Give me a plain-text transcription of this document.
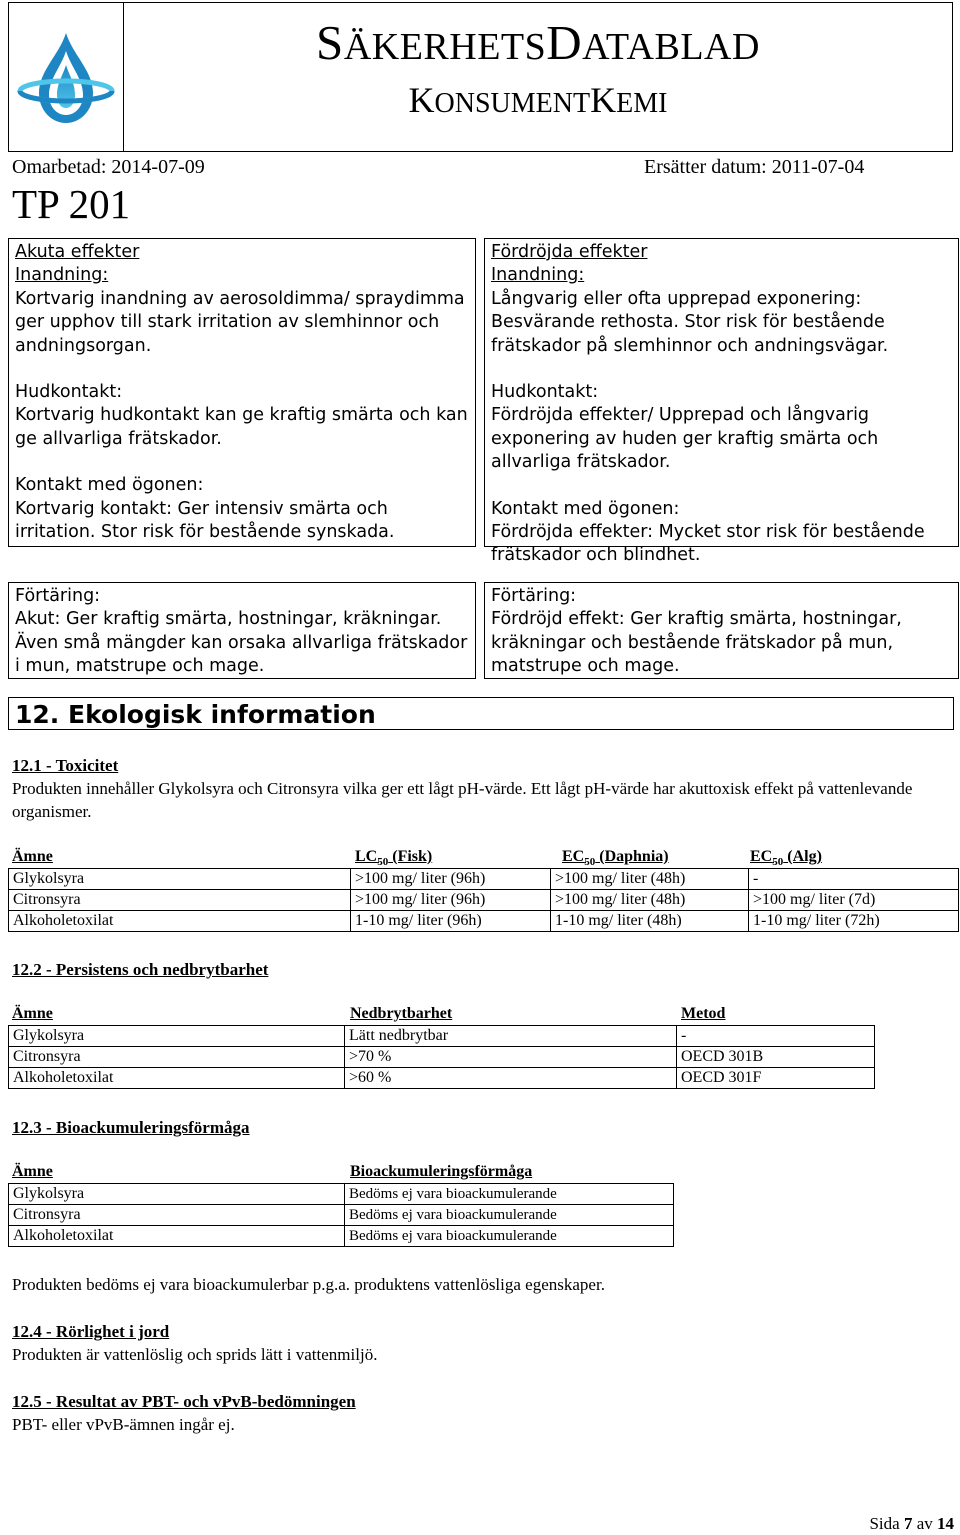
SÄKERHETSDATABLAD
KONSUMENTKEMI
Omarbetad: 2014-07-09	Ersätter datum: 2011-07-04
TP 201

Akuta effekter

Inandning:

Kortvarig inandning av aerosoldimma/ spraydimma ger upphov till stark irritation av slemhinnor och andningsorgan.

Hudkontakt:

Kortvarig hudkontakt kan ge kraftig smärta och kan ge allvarliga frätskador.

Kontakt med ögonen:

Kortvarig kontakt: Ger intensiv smärta och irritation. Stor risk för bestående synskada.

Fördröjda effekter

Inandning:

Långvarig eller ofta upprepad exponering: Besvärande rethosta. Stor risk för bestående frätskador på slemhinnor och andningsvägar.

Hudkontakt:

Fördröjda effekter/ Upprepad och långvarig exponering av huden ger kraftig smärta och allvarliga frätskador.

Kontakt med ögonen:

Fördröjda effekter: Mycket stor risk för bestående frätskador och blindhet.

Förtäring:

Akut: Ger kraftig smärta, hostningar, kräkningar. Även små mängder kan orsaka allvarliga frätskador i mun, matstrupe och mage.

Förtäring:

Fördröjd effekt: Ger kraftig smärta, hostningar, kräkningar och bestående frätskador på mun, matstrupe och mage.

12. Ekologisk information
12.1 - Toxicitet
Produkten innehåller Glykolsyra och Citronsyra vilka ger ett lågt pH-värde. Ett lågt pH-värde har akuttoxisk effekt på vattenlevande organismer.
Ämne	$LC_{50}$ (Fisk)	$EC_{50}$ (Daphnia)	$EC_{50}$ (Alg)
Glykolsyra	>100 mg/ liter (96h)	>100 mg/ liter (48h)	-
Citronsyra	>100 mg/ liter (96h)	>100 mg/ liter (48h)	>100 mg/ liter (7d)
Alkoholetoxilat	1-10 mg/ liter (96h)	1-10 mg/ liter (48h)	1-10 mg/ liter (72h)
12.2 - Persistens och nedbrytbarhet
Ämne	Nedbrytbarhet	Metod
Glykolsyra	Lätt nedbrytbar	-
Citronsyra	>70 %	OECD 301B
Alkoholetoxilat	>60 %	OECD 301F
12.3 - Bioackumuleringsförmåga
Ämne	Bioackumuleringsförmåga
Glykolsyra	Bedöms ej vara bioackumulerande
Citronsyra	Bedöms ej vara bioackumulerande
Alkoholetoxilat	Bedöms ej vara bioackumulerande
Produkten bedöms ej vara bioackumulerbar p.g.a. produktens vattenlösliga egenskaper.
12.4 - Rörlighet i jord
Produkten är vattenlöslig och sprids lätt i vattenmiljö.
12.5 - Resultat av PBT- och vPvB-bedömningen
PBT- eller vPvB-ämnen ingår ej.
Sida 7 av 14
